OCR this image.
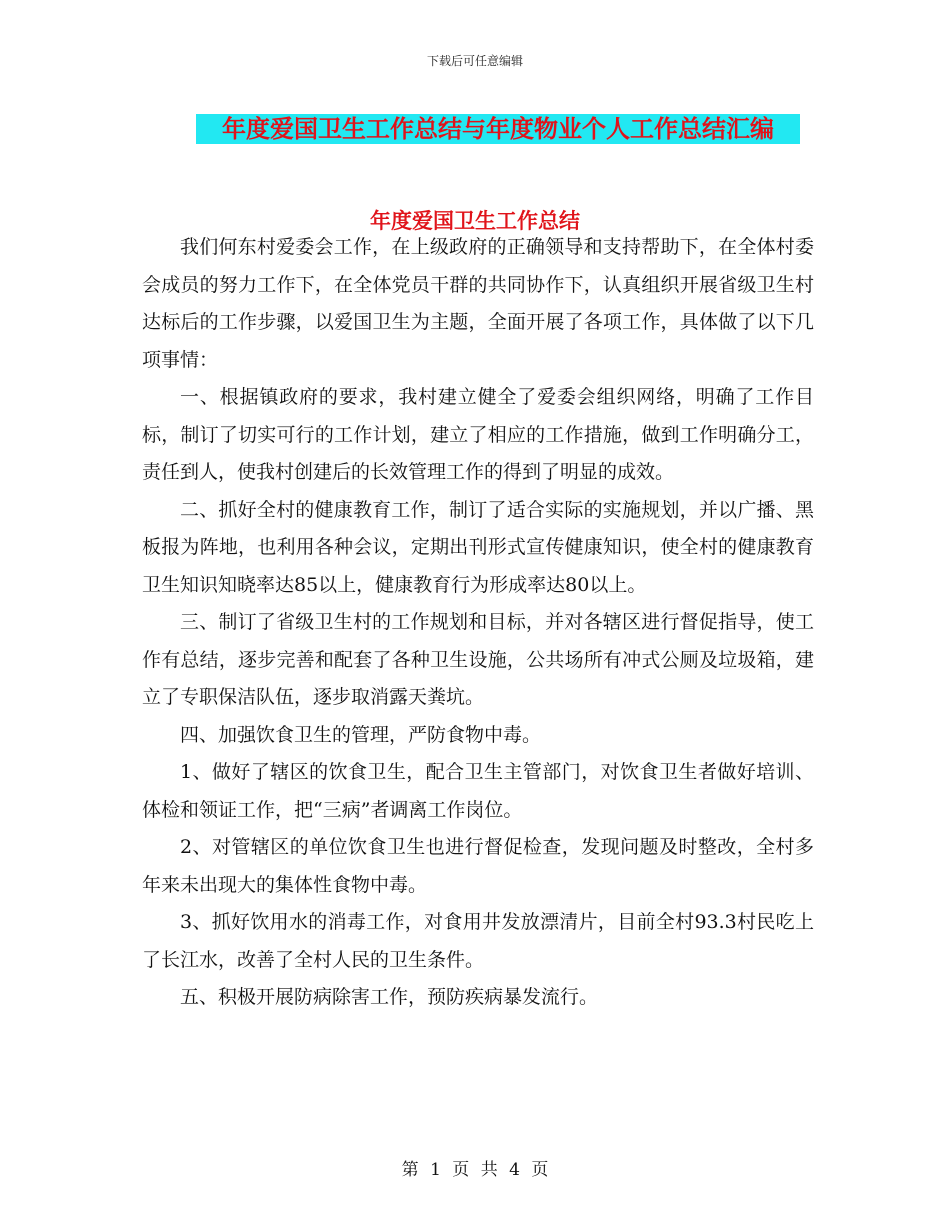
下载后可任意编辑
年度爱国卫生工作总结与年度物业个人工作总结汇编
年度爱国卫生工作总结

我们何东村爱委会工作，在上级政府的正确领导和支持帮助下，在全体村委会成员的努力工作下，在全体党员干群的共同协作下，认真组织开展省级卫生村达标后的工作步骤，以爱国卫生为主题，全面开展了各项工作，具体做了以下几项事情：

一、根据镇政府的要求，我村建立健全了爱委会组织网络，明确了工作目标，制订了切实可行的工作计划，建立了相应的工作措施，做到工作明确分工，责任到人，使我村创建后的长效管理工作的得到了明显的成效。

二、抓好全村的健康教育工作，制订了适合实际的实施规划，并以广播、黑板报为阵地，也利用各种会议，定期出刊形式宣传健康知识，使全村的健康教育卫生知识知晓率达85以上，健康教育行为形成率达80以上。

三、制订了省级卫生村的工作规划和目标，并对各辖区进行督促指导，使工作有总结，逐步完善和配套了各种卫生设施，公共场所有冲式公厕及垃圾箱，建立了专职保洁队伍，逐步取消露天粪坑。

四、加强饮食卫生的管理，严防食物中毒。

1、做好了辖区的饮食卫生，配合卫生主管部门，对饮食卫生者做好培训、体检和领证工作，把“三病”者调离工作岗位。

2、对管辖区的单位饮食卫生也进行督促检查，发现问题及时整改，全村多年来未出现大的集体性食物中毒。

3、抓好饮用水的消毒工作，对食用井发放漂清片，目前全村93.3村民吃上了长江水，改善了全村人民的卫生条件。

五、积极开展防病除害工作，预防疾病暴发流行。

第 1 页 共 4 页
